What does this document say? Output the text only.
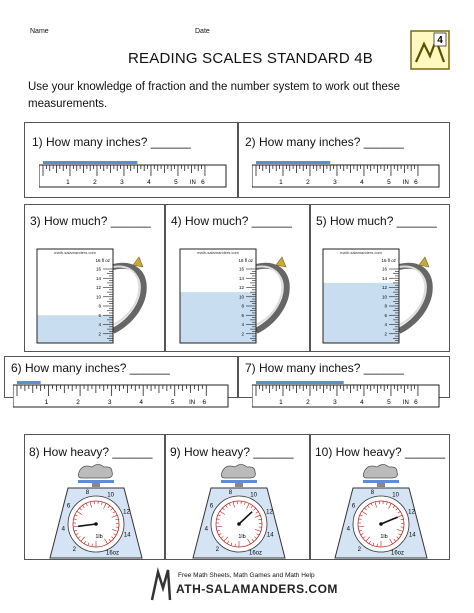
Name	Date
READING SCALES STANDARD 4B
4
Use your knowledge of fraction and the number system to work out these measurements.
1) How many inches? ______
1	2	3	4	5	6
IN
2) How many inches? ______
1	2	3	4	5	6
IN
3) How much? ______
math-salamanders.com
16 fl oz
16
14
12
10
8
6
4
2
4) How much? ______
math-salamanders.com
16 fl oz
16
14
12
10
8
6
4
2
5) How much? ______
math-salamanders.com
16 fl oz
16
14
12
10
8
6
4
2
6) How many inches? ______
1	2	3	4	5	6
IN
7) How many inches? ______
1	2	3	4	5	6
IN
8) How heavy? ______
2
4
6
8	10
12
14
16oz
1lb
9) How heavy? ______
2
4
6
8	10
12
14
16oz
1lb
10) How heavy? ______
2
4
6
8	10
12
14
16oz
1lb
Free Math Sheets, Math Games and Math Help
ATH-SALAMANDERS.COM
